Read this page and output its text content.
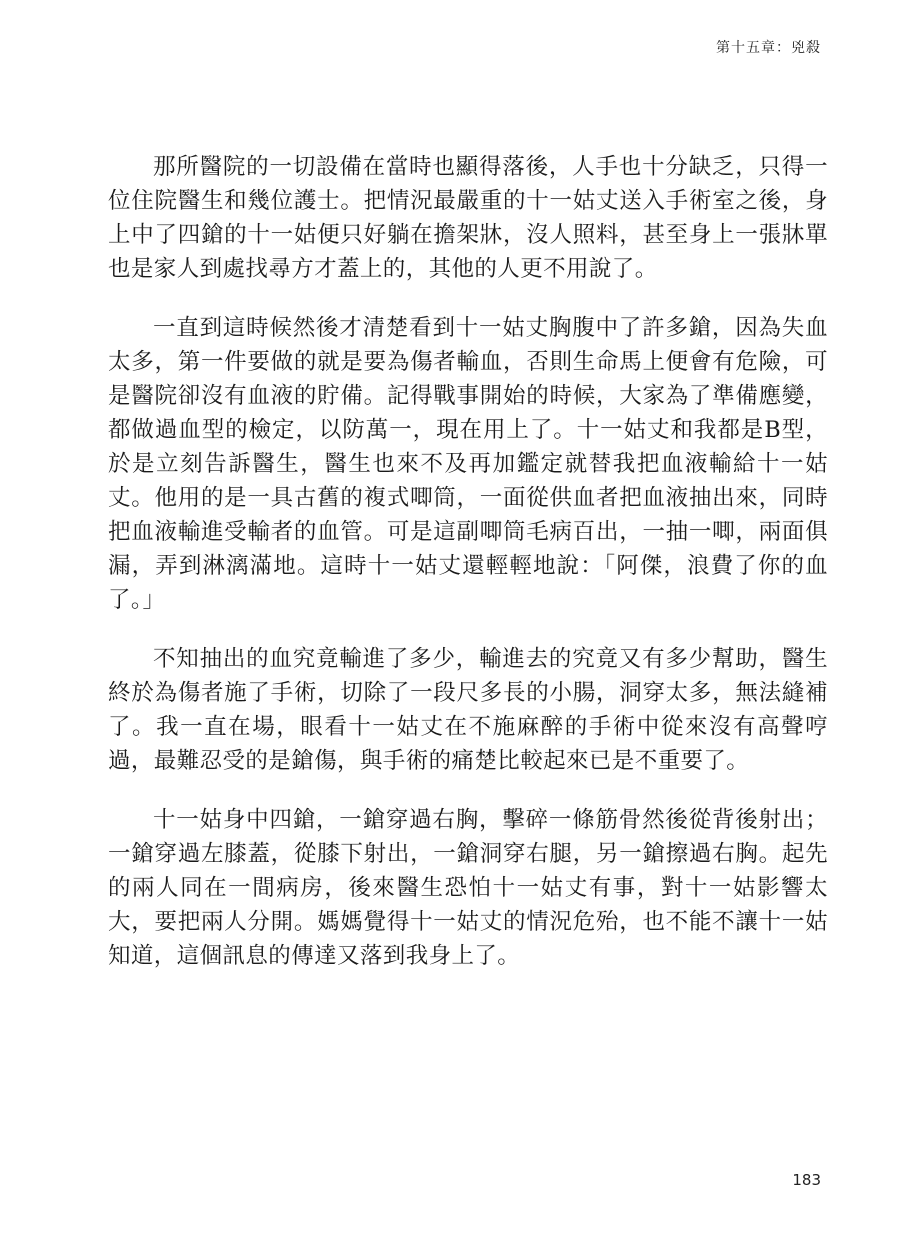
第十五章：兇殺

那所醫院的一切設備在當時也顯得落後，人手也十分缺乏，只得一位住院醫生和幾位護士。把情況最嚴重的十一姑丈送入手術室之後，身上中了四鎗的十一姑便只好躺在擔架牀，沒人照料，甚至身上一張牀單也是家人到處找尋方才蓋上的，其他的人更不用說了。

一直到這時候然後才清楚看到十一姑丈胸腹中了許多鎗，因為失血太多，第一件要做的就是要為傷者輸血，否則生命馬上便會有危險，可是醫院卻沒有血液的貯備。記得戰事開始的時候，大家為了準備應變，都做過血型的檢定，以防萬一，現在用上了。十一姑丈和我都是B型，於是立刻告訴醫生，醫生也來不及再加鑑定就替我把血液輸給十一姑丈。他用的是一具古舊的複式唧筒，一面從供血者把血液抽出來，同時把血液輸進受輸者的血管。可是這副唧筒毛病百出，一抽一唧，兩面俱漏，弄到淋漓滿地。這時十一姑丈還輕輕地說：「阿傑，浪費了你的血了。」

不知抽出的血究竟輸進了多少，輸進去的究竟又有多少幫助，醫生終於為傷者施了手術，切除了一段尺多長的小腸，洞穿太多，無法縫補了。我一直在場，眼看十一姑丈在不施麻醉的手術中從來沒有高聲哼過，最難忍受的是鎗傷，與手術的痛楚比較起來已是不重要了。

十一姑身中四鎗，一鎗穿過右胸，擊碎一條筋骨然後從背後射出；一鎗穿過左膝蓋，從膝下射出，一鎗洞穿右腿，另一鎗擦過右胸。起先的兩人同在一間病房，後來醫生恐怕十一姑丈有事，對十一姑影響太大，要把兩人分開。媽媽覺得十一姑丈的情況危殆，也不能不讓十一姑知道，這個訊息的傳達又落到我身上了。

183
